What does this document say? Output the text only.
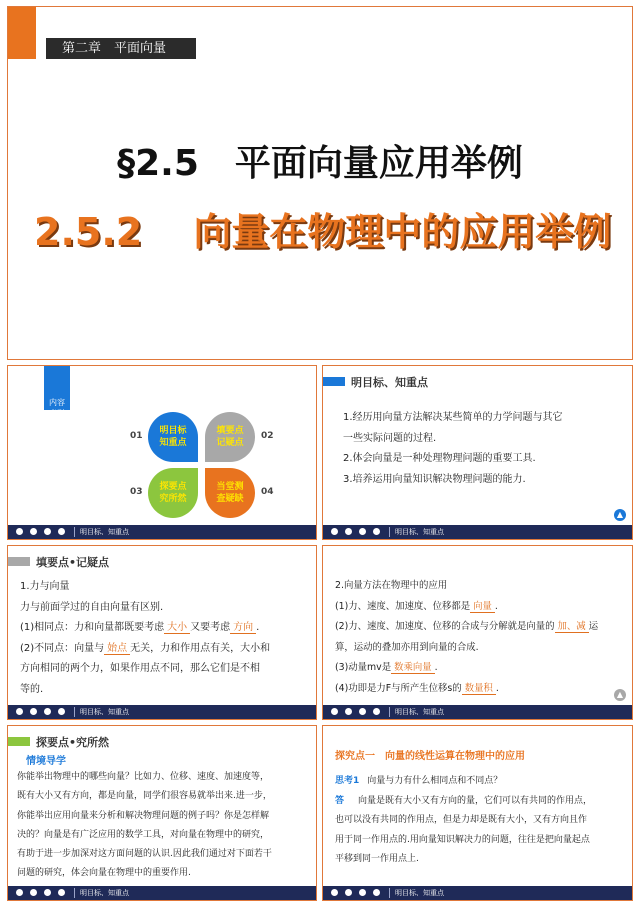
第二章　平面向量
§2.5　平面向量应用举例
2.5.2　 向量在物理中的应用举例

内容
索引

01 明目标
知重点
填要点
记疑点
02
03 探要点
究所然
当堂测
查疑缺
04
明目标、知重点
明目标、知重点
1.经历用向量方法解决某些简单的力学问题与其它
一些实际问题的过程.
2.体会向量是一种处理物理问题的重要工具.
3.培养运用向量知识解决物理问题的能力.
▲
明目标、知重点
填要点•记疑点
1.力与向量
力与前面学过的自由向量有区别.
(1)相同点：力和向量都既要考虑 大小 又要考虑 方向 .
(2)不同点：向量与 始点 无关，力和作用点有关，大小和
方向相同的两个力，如果作用点不同，那么它们是不相
等的.
明目标、知重点
2.向量方法在物理中的应用
(1)力、速度、加速度、位移都是 向量 .
(2)力、速度、加速度、位移的合成与分解就是向量的 加、减 运
算，运动的叠加亦用到向量的合成.
(3)动量mv是 数乘向量 .
(4)功即是力F与所产生位移s的 数量积 .
▲
明目标、知重点
探要点•究所然
情境导学
你能举出物理中的哪些向量？比如力、位移、速度、加速度等，
既有大小又有方向，都是向量，同学们很容易就举出来.进一步，
你能举出应用向量来分析和解决物理问题的例子吗？你是怎样解
决的？向量是有广泛应用的数学工具，对向量在物理中的研究，
有助于进一步加深对这方面问题的认识.因此我们通过对下面若干
问题的研究，体会向量在物理中的重要作用.
明目标、知重点
探究点一　向量的线性运算在物理中的应用
思考1 向量与力有什么相同点和不同点？
答 向量是既有大小又有方向的量，它们可以有共同的作用点，
也可以没有共同的作用点，但是力却是既有大小，又有方向且作
用于同一作用点的.用向量知识解决力的问题，往往是把向量起点
平移到同一作用点上.
明目标、知重点
